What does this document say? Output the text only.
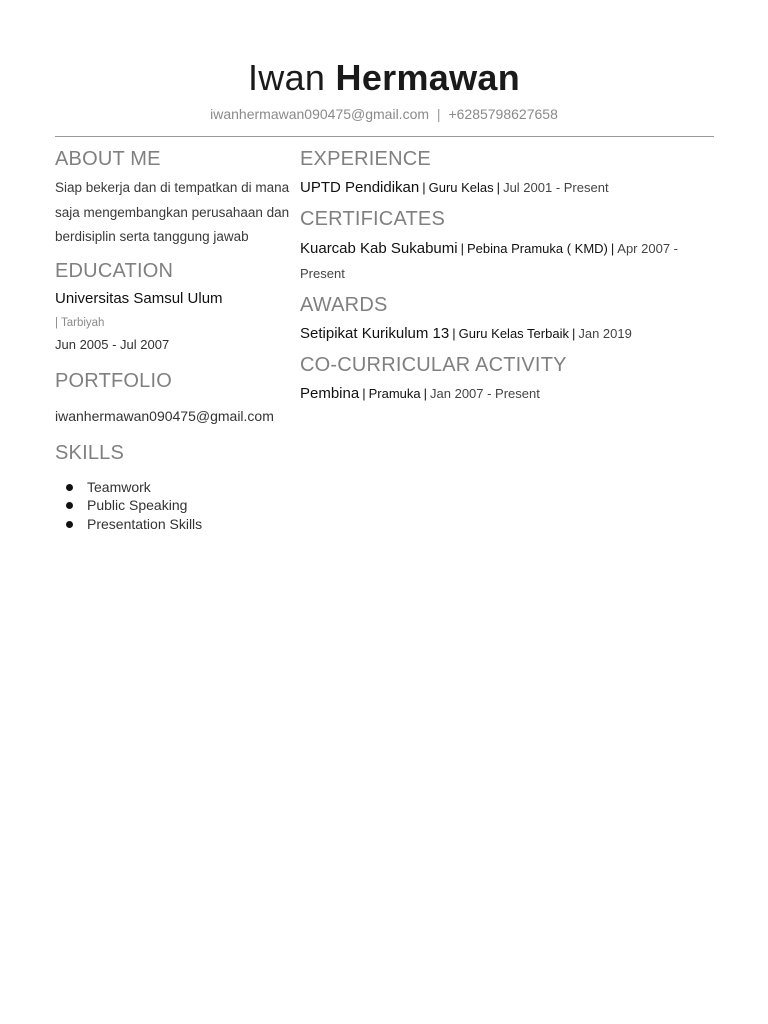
Iwan Hermawan
iwanhermawan090475@gmail.com | +6285798627658
ABOUT ME
Siap bekerja dan di tempatkan di mana saja mengembangkan perusahaan dan berdisiplin serta tanggung jawab
EDUCATION
Universitas Samsul Ulum
| Tarbiyah
Jun 2005 - Jul 2007
PORTFOLIO
iwanhermawan090475@gmail.com
SKILLS
Teamwork
Public Speaking
Presentation Skills
EXPERIENCE
UPTD Pendidikan | Guru Kelas | Jul 2001 - Present
CERTIFICATES
Kuarcab Kab Sukabumi | Pebina Pramuka ( KMD) | Apr 2007 - Present
AWARDS
Setipikat Kurikulum 13 | Guru Kelas Terbaik | Jan 2019
CO-CURRICULAR ACTIVITY
Pembina | Pramuka | Jan 2007 - Present
